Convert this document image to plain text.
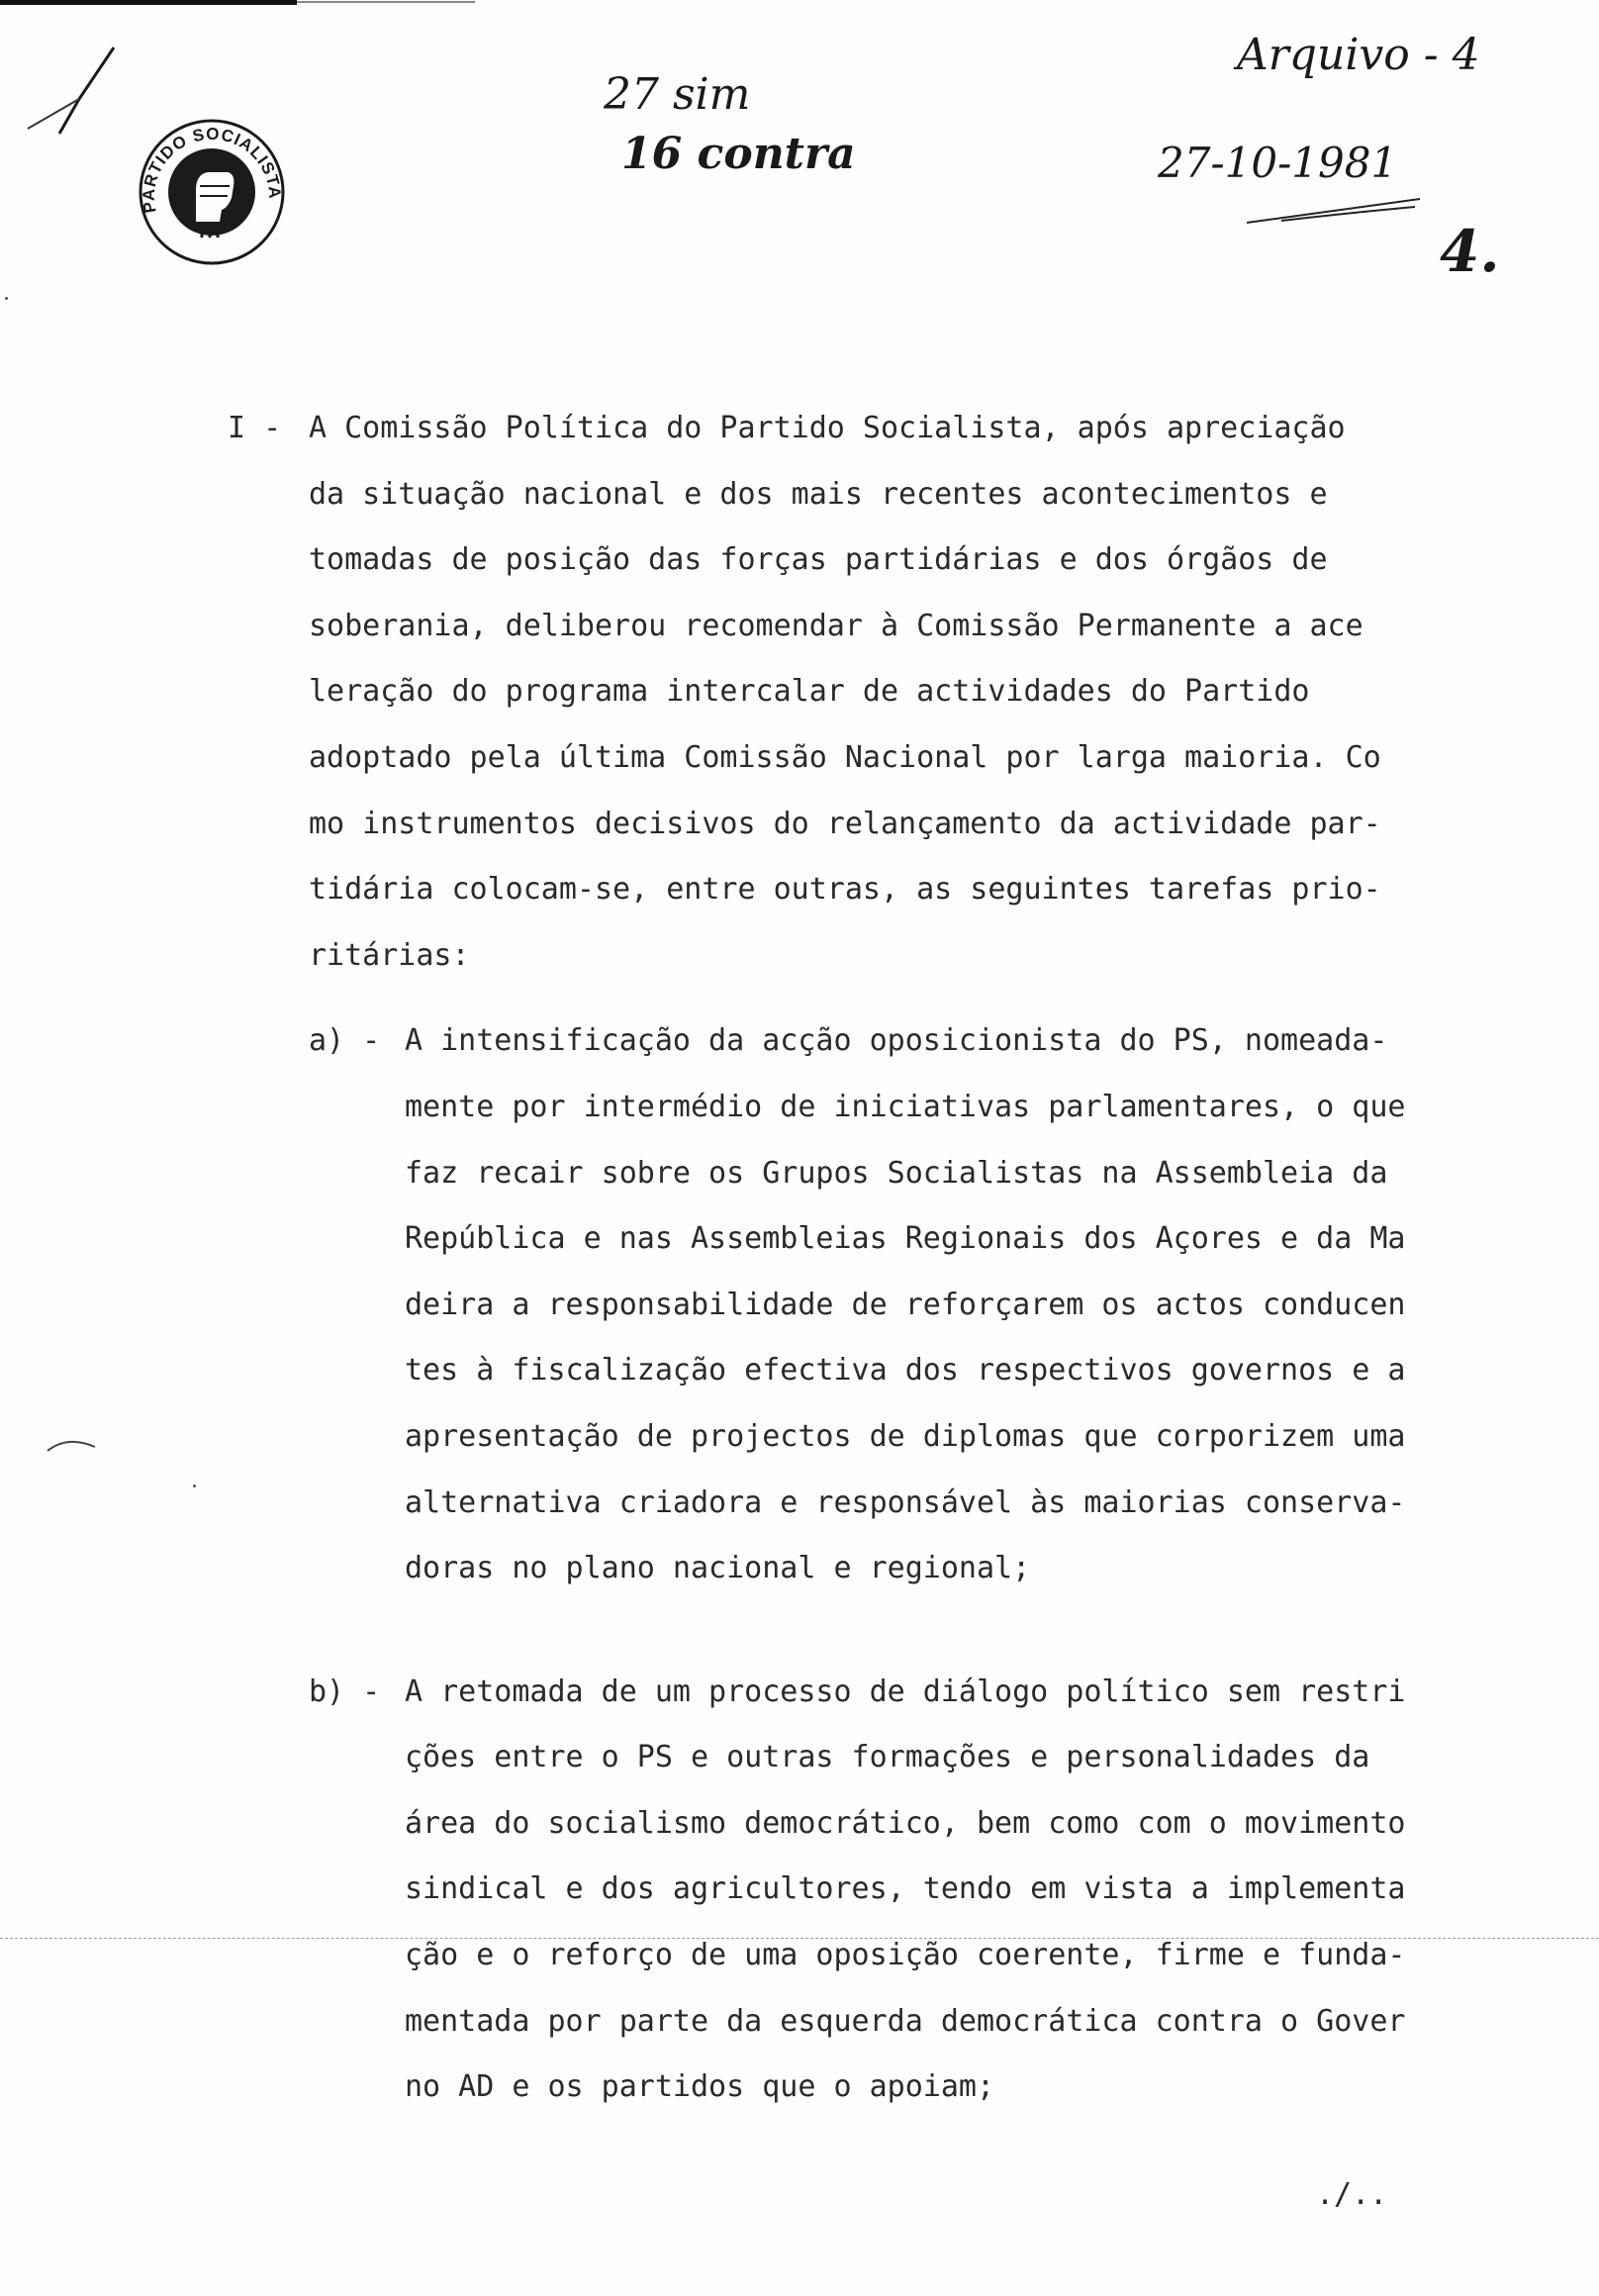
PARTIDO SOCIALISTA
Arquivo - 4
27 sim
16 contra	27-10-1981
4.
I - A Comissão Política do Partido Socialista, após apreciação
da situação nacional e dos mais recentes acontecimentos e
tomadas de posição das forças partidárias e dos órgãos de
soberania, deliberou recomendar à Comissão Permanente a ace
leração do programa intercalar de actividades do Partido
adoptado pela última Comissão Nacional por larga maioria. Co
mo instrumentos decisivos do relançamento da actividade par-
tidária colocam-se, entre outras, as seguintes tarefas prio-
ritárias:
a) - A intensificação da acção oposicionista do PS, nomeada-
mente por intermédio de iniciativas parlamentares, o que
faz recair sobre os Grupos Socialistas na Assembleia da
República e nas Assembleias Regionais dos Açores e da Ma
deira a responsabilidade de reforçarem os actos conducen
tes à fiscalização efectiva dos respectivos governos e a
apresentação de projectos de diplomas que corporizem uma
alternativa criadora e responsável às maiorias conserva-
doras no plano nacional e regional;
b) - A retomada de um processo de diálogo político sem restri
ções entre o PS e outras formações e personalidades da
área do socialismo democrático, bem como com o movimento
sindical e dos agricultores, tendo em vista a implementa
ção e o reforço de uma oposição coerente, firme e funda-
mentada por parte da esquerda democrática contra o Gover
no AD e os partidos que o apoiam;
./..
